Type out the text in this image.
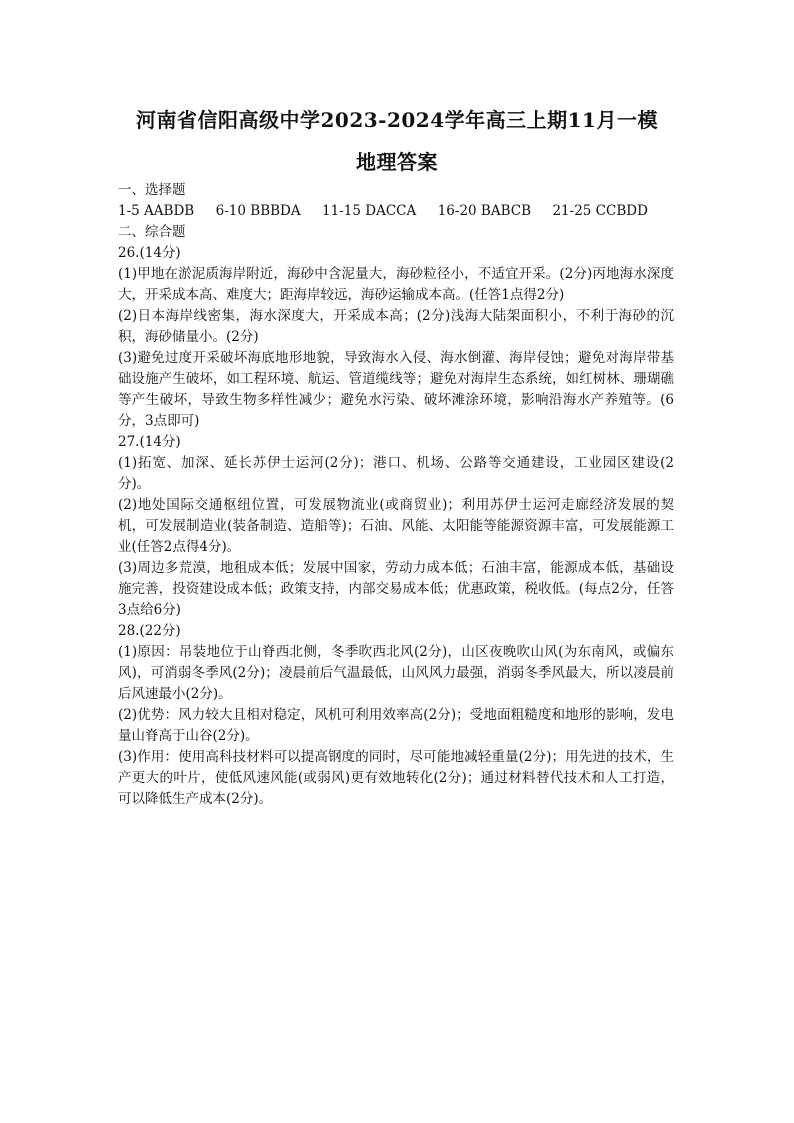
河南省信阳高级中学2023-2024学年高三上期11月一模
地理答案

一、选择题

1-5 AABDB     6-10 BBBDA     11-15 DACCA     16-20 BABCB     21-25 CCBDD

二、综合题

26.(14分)

(1)甲地在淤泥质海岸附近，海砂中含泥量大，海砂粒径小，不适宜开采。(2分)丙地海水深度大，开采成本高、难度大；距海岸较远，海砂运输成本高。(任答1点得2分)

(2)日本海岸线密集，海水深度大，开采成本高；(2分)浅海大陆架面积小，不利于海砂的沉积，海砂储量小。(2分)

(3)避免过度开采破坏海底地形地貌，导致海水入侵、海水倒灌、海岸侵蚀；避免对海岸带基础设施产生破坏，如工程环境、航运、管道缆线等；避免对海岸生态系统，如红树林、珊瑚礁等产生破坏，导致生物多样性减少；避免水污染、破坏滩涂环境，影响沿海水产养殖等。(6分，3点即可)

27.(14分)

(1)拓宽、加深、延长苏伊士运河(2分)；港口、机场、公路等交通建设，工业园区建设(2分)。

(2)地处国际交通枢纽位置，可发展物流业(或商贸业)；利用苏伊士运河走廊经济发展的契机，可发展制造业(装备制造、造船等)；石油、风能、太阳能等能源资源丰富，可发展能源工业(任答2点得4分)。

(3)周边多荒漠，地租成本低；发展中国家，劳动力成本低；石油丰富，能源成本低，基础设施完善，投资建设成本低；政策支持，内部交易成本低；优惠政策，税收低。(每点2分，任答3点给6分)

28.(22分)

(1)原因：吊装地位于山脊西北侧，冬季吹西北风(2分)，山区夜晚吹山风(为东南风，或偏东风)，可消弱冬季风(2分)；凌晨前后气温最低，山风风力最强，消弱冬季风最大，所以凌晨前后风速最小(2分)。

(2)优势：风力较大且相对稳定，风机可利用效率高(2分)；受地面粗糙度和地形的影响，发电量山脊高于山谷(2分)。

(3)作用：使用高科技材料可以提高钢度的同时，尽可能地减轻重量(2分)；用先进的技术，生产更大的叶片，使低风速风能(或弱风)更有效地转化(2分)；通过材料替代技术和人工打造，可以降低生产成本(2分)。
